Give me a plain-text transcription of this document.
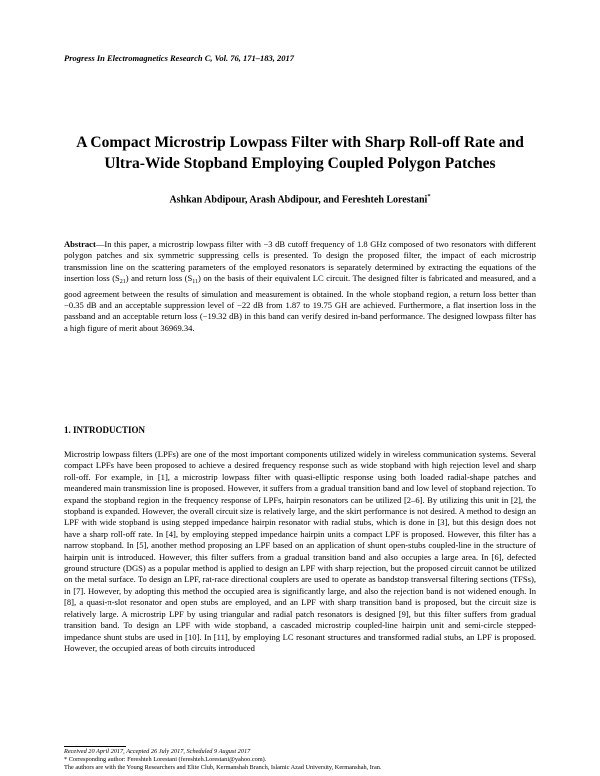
Progress In Electromagnetics Research C, Vol. 76, 171–183, 2017
A Compact Microstrip Lowpass Filter with Sharp Roll-off Rate and
Ultra-Wide Stopband Employing Coupled Polygon Patches
Ashkan Abdipour, Arash Abdipour, and Fereshteh Lorestani*
Abstract—In this paper, a microstrip lowpass filter with −3 dB cutoff frequency of 1.8 GHz composed of two resonators with different polygon patches and six symmetric suppressing cells is presented. To design the proposed filter, the impact of each microstrip transmission line on the scattering parameters of the employed resonators is separately determined by extracting the equations of the insertion loss $(S_{21})$ and return loss $(S_{11})$ on the basis of their equivalent LC circuit. The designed filter is fabricated and measured, and a good agreement between the results of simulation and measurement is obtained. In the whole stopband region, a return loss better than −0.35 dB and an acceptable suppression level of −22 dB from 1.87 to 19.75 GH are achieved. Furthermore, a flat insertion loss in the passband and an acceptable return loss (−19.32 dB) in this band can verify desired in-band performance. The designed lowpass filter has a high figure of merit about 36969.34.
1. INTRODUCTION
Microstrip lowpass filters (LPFs) are one of the most important components utilized widely in wireless communication systems. Several compact LPFs have been proposed to achieve a desired frequency response such as wide stopband with high rejection level and sharp roll-off. For example, in [1], a microstrip lowpass filter with quasi-elliptic response using both loaded radial-shape patches and meandered main transmission line is proposed. However, it suffers from a gradual transition band and low level of stopband rejection. To expand the stopband region in the frequency response of LPFs, hairpin resonators can be utilized [2–6]. By utilizing this unit in [2], the stopband is expanded. However, the overall circuit size is relatively large, and the skirt performance is not desired. A method to design an LPF with wide stopband is using stepped impedance hairpin resonator with radial stubs, which is done in [3], but this design does not have a sharp roll-off rate. In [4], by employing stepped impedance hairpin units a compact LPF is proposed. However, this filter has a narrow stopband. In [5], another method proposing an LPF based on an application of shunt open-stubs coupled-line in the structure of hairpin unit is introduced. However, this filter suffers from a gradual transition band and also occupies a large area. In [6], defected ground structure (DGS) as a popular method is applied to design an LPF with sharp rejection, but the proposed circuit cannot be utilized on the metal surface. To design an LPF, rat-race directional couplers are used to operate as bandstop transversal filtering sections (TFSs), in [7]. However, by adopting this method the occupied area is significantly large, and also the rejection band is not widened enough. In [8], a quasi-π-slot resonator and open stubs are employed, and an LPF with sharp transition band is proposed, but the circuit size is relatively large. A microstrip LPF by using triangular and radial patch resonators is designed [9], but this filter suffers from gradual transition band. To design an LPF with wide stopband, a cascaded microstrip coupled-line hairpin unit and semi-circle stepped-impedance shunt stubs are used in [10]. In [11], by employing LC resonant structures and transformed radial stubs, an LPF is proposed. However, the occupied areas of both circuits introduced
Received 20 April 2017, Accepted 26 July 2017, Scheduled 9 August 2017
* Corresponding author: Fereshteh Lorestani (fereshteh.Lorestani@yahoo.com).
The authors are with the Young Researchers and Elite Club, Kermanshah Branch, Islamic Azad University, Kermanshah, Iran.
